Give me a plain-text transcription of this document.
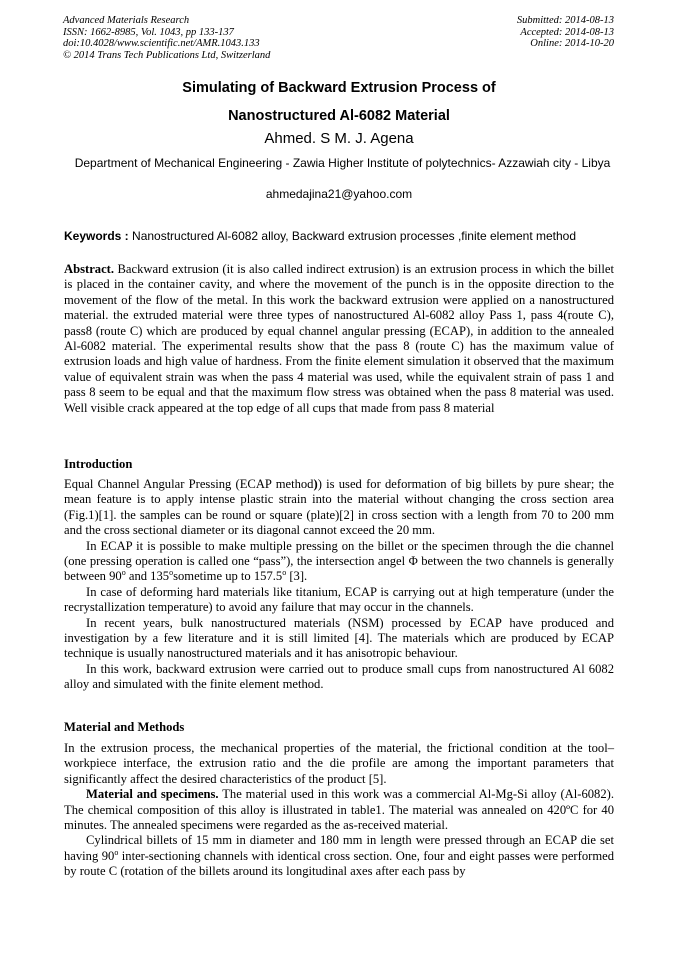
Advanced Materials Research
ISSN: 1662-8985, Vol. 1043, pp 133-137
doi:10.4028/www.scientific.net/AMR.1043.133
© 2014 Trans Tech Publications Ltd, Switzerland
Submitted: 2014-08-13
Accepted: 2014-08-13
Online: 2014-10-20
Simulating of Backward Extrusion Process of
Nanostructured Al-6082 Material
Ahmed. S M. J. Agena
Department of Mechanical Engineering - Zawia Higher Institute of polytechnics- Azzawiah city - Libya
ahmedajina21@yahoo.com
Keywords : Nanostructured Al-6082 alloy, Backward extrusion processes ,finite element method

Abstract. Backward extrusion (it is also called indirect extrusion) is an extrusion process in which the billet is placed in the container cavity, and where the movement of the punch is in the opposite direction to the movement of the flow of the metal. In this work the backward extrusion were applied on a nanostructured material. the extruded material were three types of nanostructured Al-6082 alloy Pass 1, pass 4(route C), pass8 (route C) which are produced by equal channel angular pressing (ECAP), in addition to the annealed Al-6082 material. The experimental results show that the pass 8 (route C) has the maximum value of extrusion loads and high value of hardness. From the finite element simulation it observed that the maximum value of equivalent strain was when the pass 4 material was used, while the equivalent strain of pass 1 and pass 8 seem to be equal and that the maximum flow stress was obtained when the pass 8 material was used. Well visible crack appeared at the top edge of all cups that made from pass 8 material

Introduction

Equal Channel Angular Pressing (ECAP method)) is used for deformation of big billets by pure shear; the mean feature is to apply intense plastic strain into the material without changing the cross section area (Fig.1)[1]. the samples can be round or square (plate)[2] in cross section with a length from 70 to 200 mm and the cross sectional diameter or its diagonal cannot exceed the 20 mm.

In ECAP it is possible to make multiple pressing on the billet or the specimen through the die channel (one pressing operation is called one “pass”), the intersection angel Φ between the two channels is generally between 90$^o$ and 135$^o$sometime up to 157.5$^o$ [3].

In case of deforming hard materials like titanium, ECAP is carrying out at high temperature (under the recrystallization temperature) to avoid any failure that may occur in the channels.

In recent years, bulk nanostructured materials (NSM) processed by ECAP have produced and investigation by a few literature and it is still limited [4]. The materials which are produced by ECAP technique is usually nanostructured materials and it has anisotropic behaviour.

In this work, backward extrusion were carried out to produce small cups from nanostructured Al 6082 alloy and simulated with the finite element method.

Material and Methods

In the extrusion process, the mechanical properties of the material, the frictional condition at the tool–workpiece interface, the extrusion ratio and the die profile are among the important parameters that significantly affect the desired characteristics of the product [5].

Material and specimens. The material used in this work was a commercial Al-Mg-Si alloy (Al-6082). The chemical composition of this alloy is illustrated in table1. The material was annealed on 420ºC for 40 minutes. The annealed specimens were regarded as the as-received material.

Cylindrical billets of 15 mm in diameter and 180 mm in length were pressed through an ECAP die set having 90$^o$ inter-sectioning channels with identical cross section. One, four and eight passes were performed by route C (rotation of the billets around its longitudinal axes after each pass by
